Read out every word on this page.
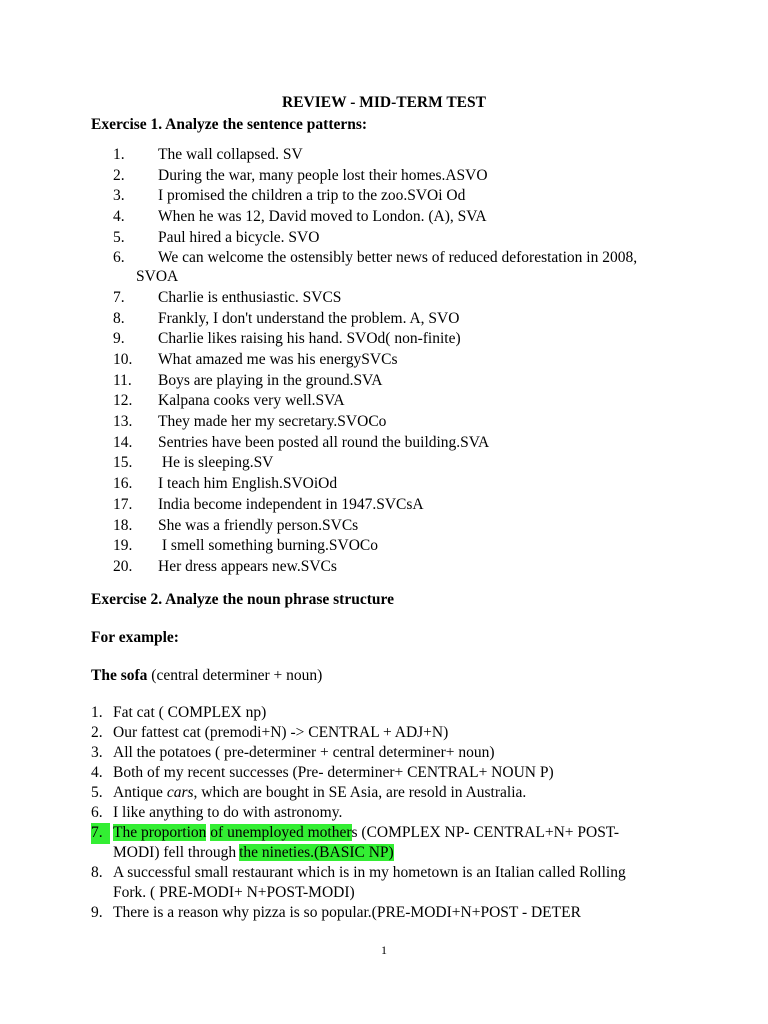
REVIEW - MID-TERM TEST
Exercise 1. Analyze the sentence patterns:
1. The wall collapsed. SV
2. During the war, many people lost their homes.ASVO
3. I promised the children a trip to the zoo.SVOi Od
4. When he was 12, David moved to London. (A), SVA
5. Paul hired a bicycle. SVO
6. We can welcome the ostensibly better news of reduced deforestation in 2008,
SVOA
7. Charlie is enthusiastic. SVCS
8. Frankly, I don't understand the problem. A, SVO
9. Charlie likes raising his hand. SVOd( non-finite)
10. What amazed me was his energySVCs
11. Boys are playing in the ground.SVA
12. Kalpana cooks very well.SVA
13. They made her my secretary.SVOCo
14. Sentries have been posted all round the building.SVA
15. He is sleeping.SV
16. I teach him English.SVOiOd
17. India become independent in 1947.SVCsA
18. She was a friendly person.SVCs
19. I smell something burning.SVOCo
20. Her dress appears new.SVCs
Exercise 2. Analyze the noun phrase structure
For example:
The sofa (central determiner + noun)
1. Fat cat ( COMPLEX np)
2. Our fattest cat (premodi+N) -> CENTRAL + ADJ+N)
3. All the potatoes ( pre-determiner + central determiner+ noun)
4. Both of my recent successes (Pre- determiner+ CENTRAL+ NOUN P)
5. Antique cars, which are bought in SE Asia, are resold in Australia.
6. I like anything to do with astronomy.
7. The proportion of unemployed mothers (COMPLEX NP- CENTRAL+N+ POST-
MODI) fell through the nineties.(BASIC NP)
8. A successful small restaurant which is in my hometown is an Italian called Rolling
Fork. ( PRE-MODI+ N+POST-MODI)
9. There is a reason why pizza is so popular.(PRE-MODI+N+POST - DETER
1
